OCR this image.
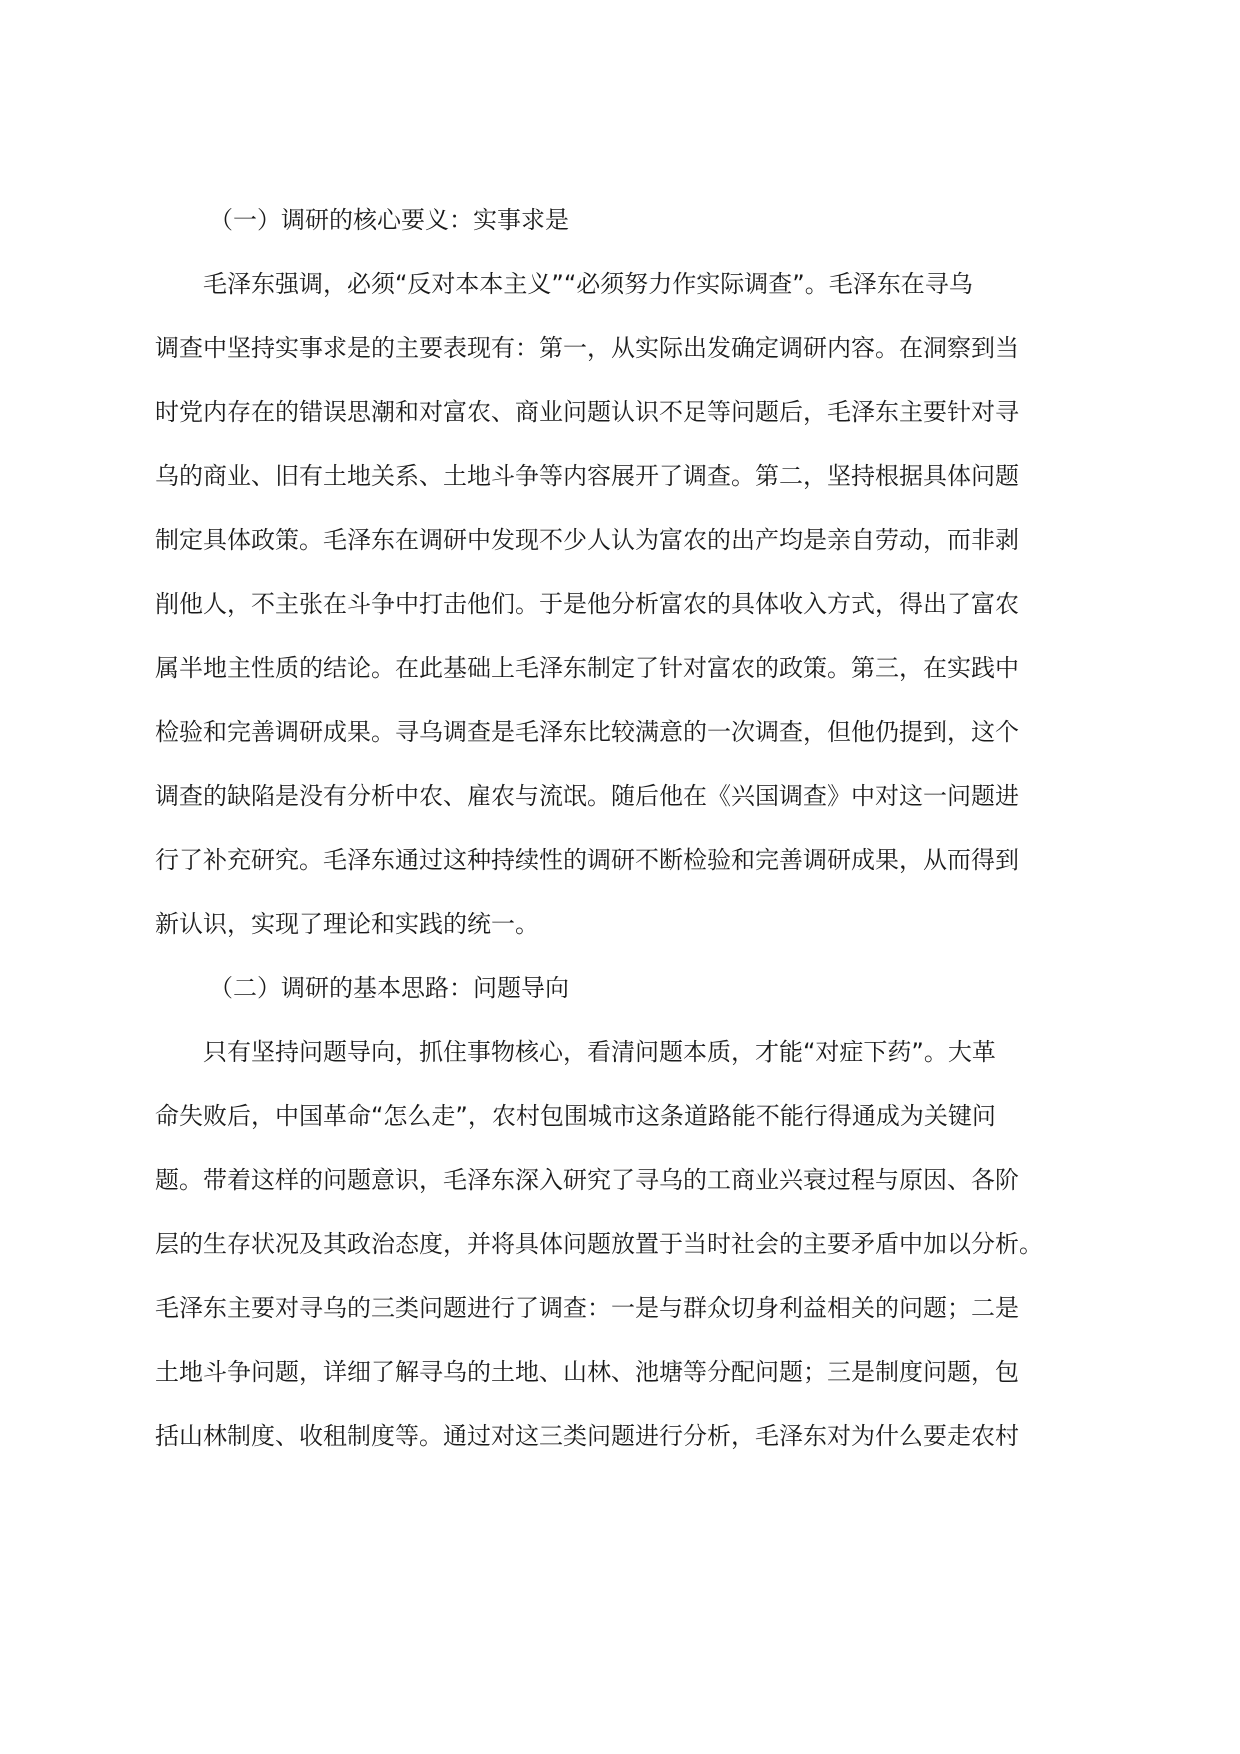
（一）调研的核心要义：实事求是
毛泽东强调，必须“反对本本主义”“必须努力作实际调查”。毛泽东在寻乌
调查中坚持实事求是的主要表现有：第一，从实际出发确定调研内容。在洞察到当
时党内存在的错误思潮和对富农、商业问题认识不足等问题后，毛泽东主要针对寻
乌的商业、旧有土地关系、土地斗争等内容展开了调查。第二，坚持根据具体问题
制定具体政策。毛泽东在调研中发现不少人认为富农的出产均是亲自劳动，而非剥
削他人，不主张在斗争中打击他们。于是他分析富农的具体收入方式，得出了富农
属半地主性质的结论。在此基础上毛泽东制定了针对富农的政策。第三，在实践中
检验和完善调研成果。寻乌调查是毛泽东比较满意的一次调查，但他仍提到，这个
调查的缺陷是没有分析中农、雇农与流氓。随后他在《兴国调查》中对这一问题进
行了补充研究。毛泽东通过这种持续性的调研不断检验和完善调研成果，从而得到
新认识，实现了理论和实践的统一。
（二）调研的基本思路：问题导向
只有坚持问题导向，抓住事物核心，看清问题本质，才能“对症下药”。大革
命失败后，中国革命“怎么走”，农村包围城市这条道路能不能行得通成为关键问
题。带着这样的问题意识，毛泽东深入研究了寻乌的工商业兴衰过程与原因、各阶
层的生存状况及其政治态度，并将具体问题放置于当时社会的主要矛盾中加以分析。
毛泽东主要对寻乌的三类问题进行了调查：一是与群众切身利益相关的问题；二是
土地斗争问题，详细了解寻乌的土地、山林、池塘等分配问题；三是制度问题，包
括山林制度、收租制度等。通过对这三类问题进行分析，毛泽东对为什么要走农村
